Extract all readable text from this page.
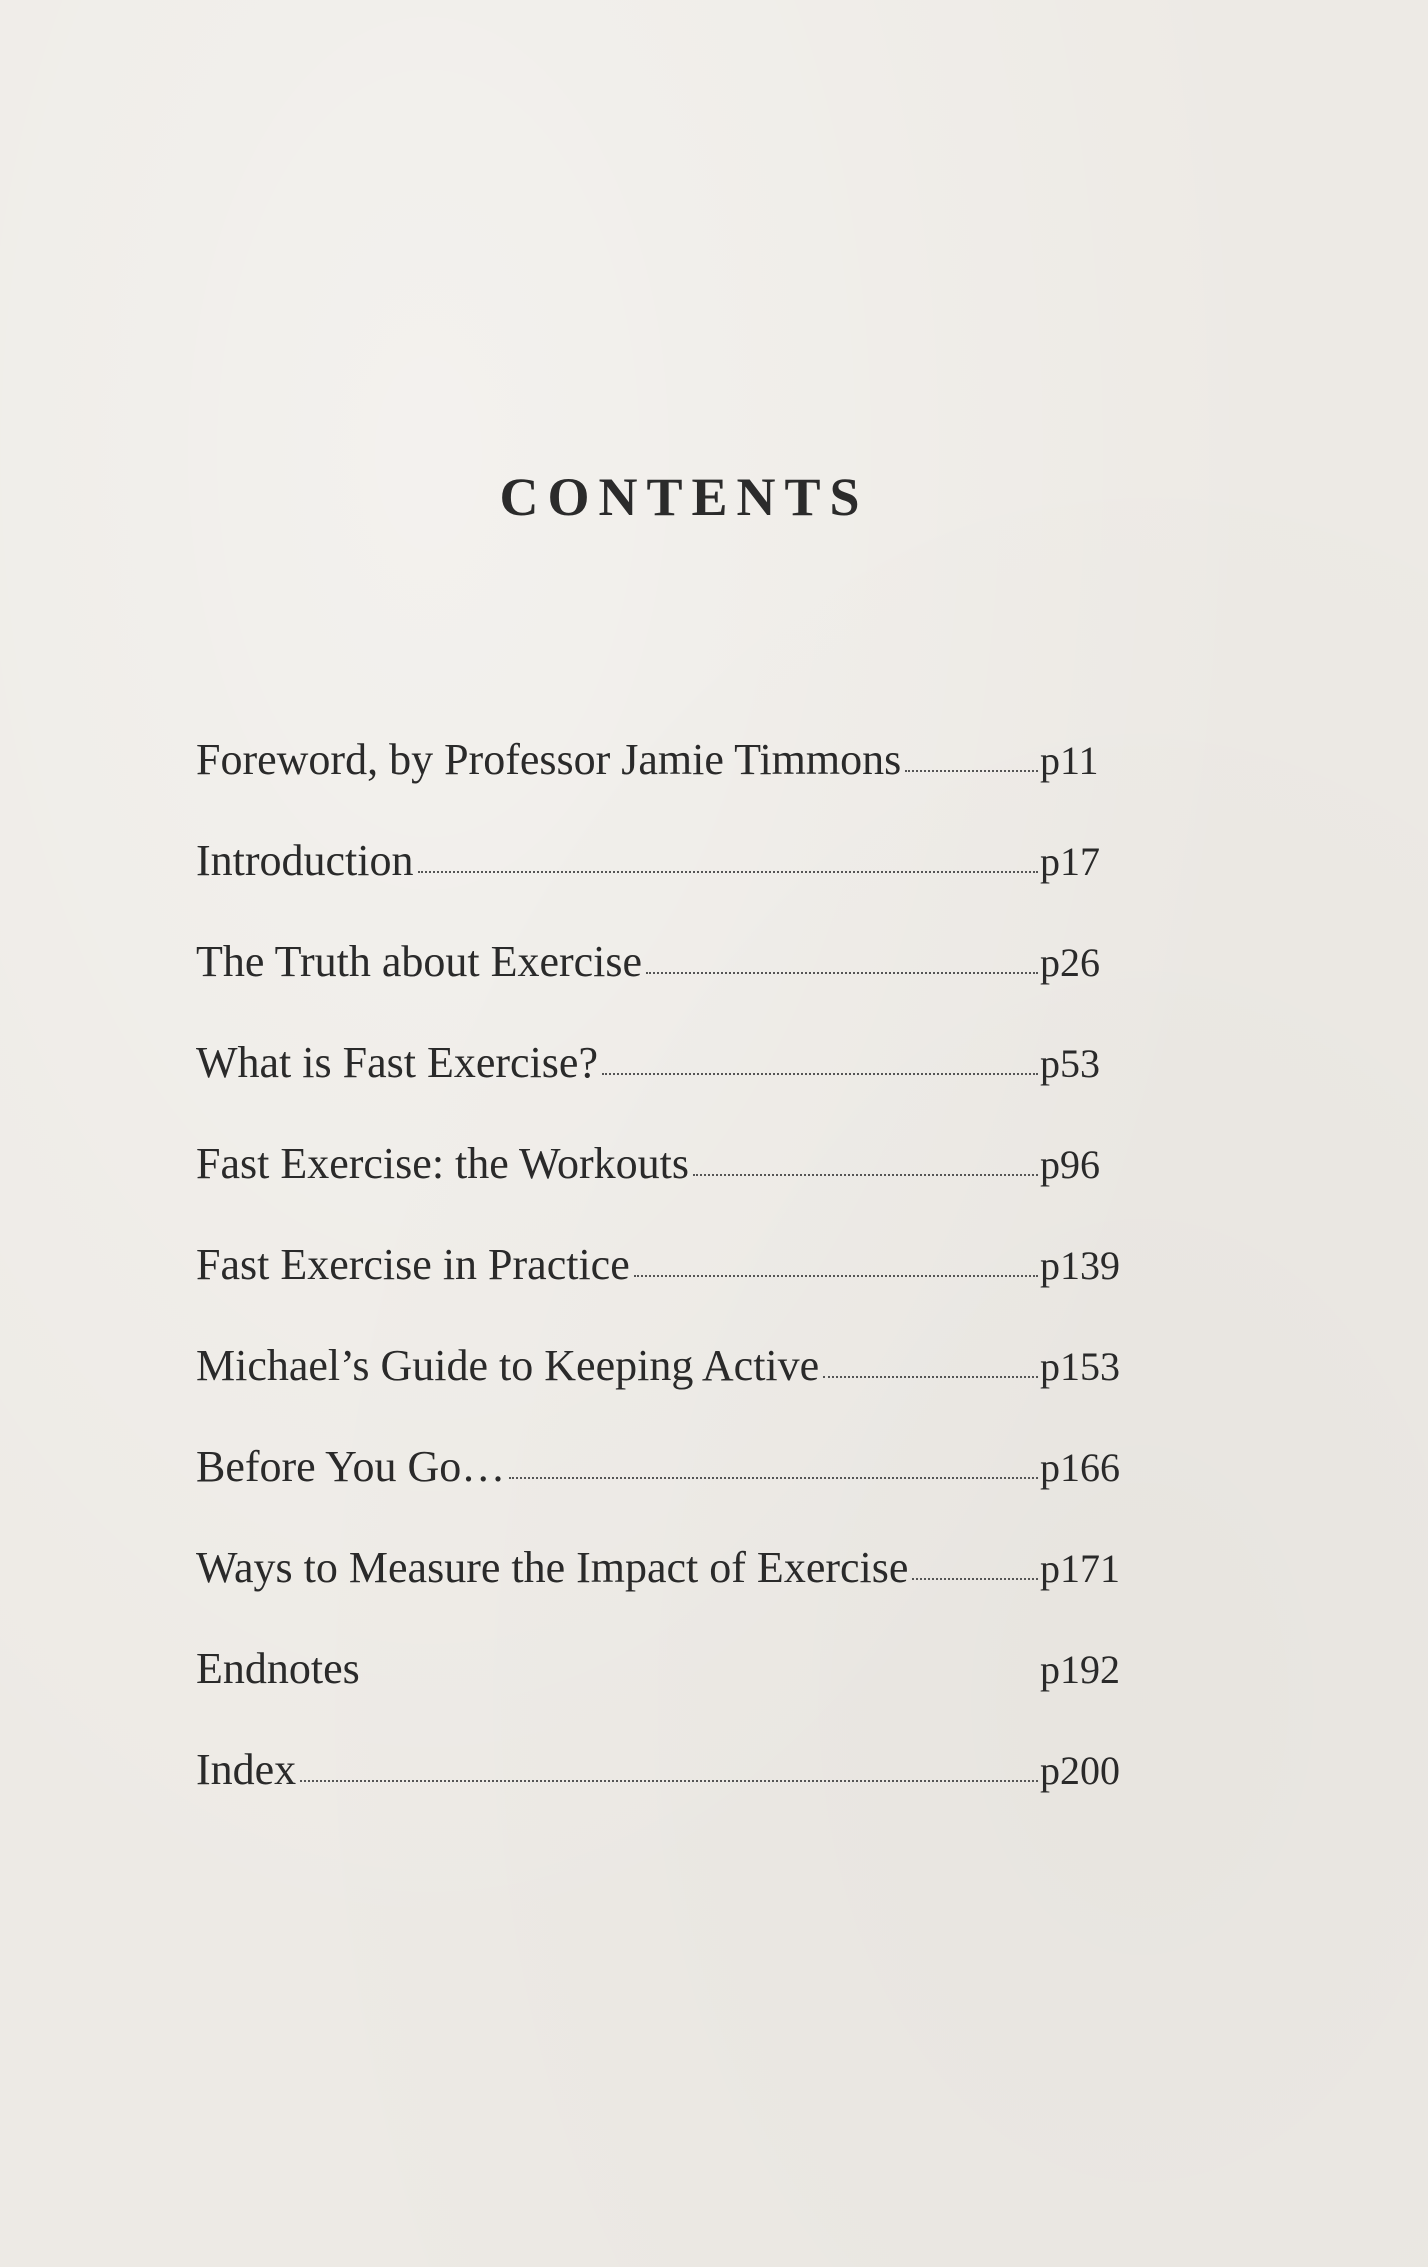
CONTENTS
Foreword, by Professor Jamie Timmons	p11
Introduction	p17
The Truth about Exercise	p26
What is Fast Exercise?	p53
Fast Exercise: the Workouts	p96
Fast Exercise in Practice	p139
Michael’s Guide to Keeping Active	p153
Before You Go…	p166
Ways to Measure the Impact of Exercise	p171
Endnotes	p192
Index	p200
